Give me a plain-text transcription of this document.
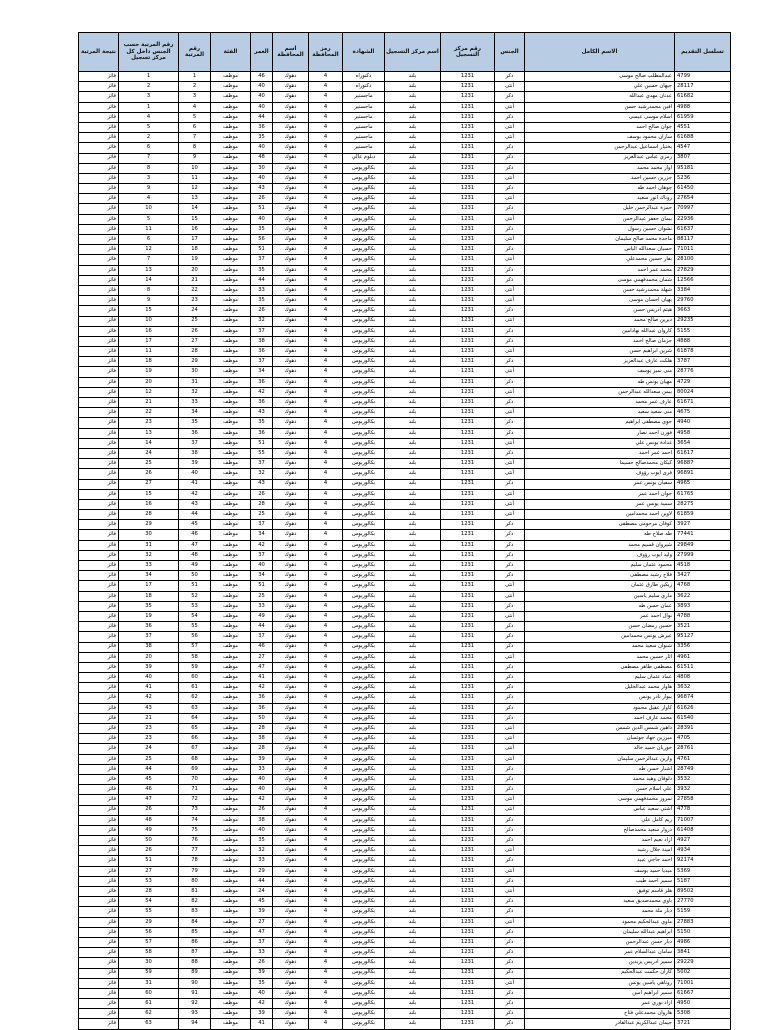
تسلسل التقديم	الاسم الكامل	الجنس	رقم مركز التسجيل	اسم مركز التسجيل	الشهادة	رمز المحافظة	اسم المحافظة	العمر	الفئة	رقم المرتبة	رقم المرتبة حسب الجنس داخل كل مركز تسجيل	نتيجة المرتبة
4799	عبدالمطلب صالح موسى	ذكر	1231	بلند	دكتوراه	4	دهوك	46	موظف	1	1	فائز
28117	جيهان حسين علي	أنثى	1231	بلند	دكتوراه	4	دهوك	40	موظف	2	2	فائز
61682	عدنان مهدي عبدالله	ذكر	1231	بلند	ماجستير	4	دهوك	40	موظف	3	3	فائز
4988	افين محمدرشيد حسن	أنثى	1231	بلند	ماجستير	4	دهوك	40	موظف	4	1	فائز
61959	اسلام موسى عيسى	ذكر	1231	بلند	ماجستير	4	دهوك	44	موظف	5	4	فائز
4551	جوان صالح احمد	أنثى	1231	بلند	ماجستير	4	دهوك	36	موظف	6	5	فائز
61688	سازان محمود يوسف	أنثى	1231	بلند	ماجستير	4	دهوك	35	موظف	7	2	فائز
4547	بختيار اسماعيل عبدالرحمن	ذكر	1231	بلند	ماجستير	4	دهوك	40	موظف	8	6	فائز
3807	رمزي عباس عبدالعزيز	ذكر	1231	بلند	دبلوم عالي	4	دهوك	48	موظف	9	7	فائز
95181	اواز محمد محمد	ذكر	1231	بلند	بكالوريوس	4	دهوك	30	موظف	10	8	فائز
5236	جزرين حسين احمد	أنثى	1231	بلند	بكالوريوس	4	دهوك	40	موظف	11	3	فائز
61450	جوهان احمد طه	ذكر	1231	بلند	بكالوريوس	4	دهوك	43	موظف	12	9	فائز
27654	روناك انور سعيد	أنثى	1231	بلند	بكالوريوس	4	دهوك	26	موظف	13	4	فائز
70997	حمزة عبدالرحمن خليل	ذكر	1231	بلند	بكالوريوس	4	دهوك	51	موظف	14	10	فائز
22936	بيمان جعفر عبدالرحمن	أنثى	1231	بلند	بكالوريوس	4	دهوك	40	موظف	15	5	فائز
61637	نشوان حسين رسول	ذكر	1231	بلند	بكالوريوس	4	دهوك	35	موظف	16	11	فائز
88117	ماجدة محمد صالح سليمان	أنثى	1231	بلند	بكالوريوس	4	دهوك	56	موظف	17	6	فائز
71011	حسيان سعدالله الياس	ذكر	1231	بلند	بكالوريوس	4	دهوك	51	موظف	18	12	فائز
28100	بفار حسين محمدعلي	أنثى	1231	بلند	بكالوريوس	4	دهوك	37	موظف	19	7	فائز
27829	محمد عمر احمد	ذكر	1231	بلند	بكالوريوس	4	دهوك	35	موظف	20	13	فائز
12566	شمان محمدفهمي موسى	ذكر	1231	بلند	بكالوريوس	4	دهوك	44	موظف	21	14	فائز
3384	شهلة محمدرشيد حسن	أنثى	1231	بلند	بكالوريوس	4	دهوك	33	موظف	22	8	فائز
29760	بهيان احسان موسى	أنثى	1231	بلند	بكالوريوس	4	دهوك	35	موظف	23	9	فائز
3663	هيثم ادريس حسن	ذكر	1231	بلند	بكالوريوس	4	دهوك	26	موظف	24	15	فائز
29235	ديرين صالح محمد	أنثى	1231	بلند	بكالوريوس	4	دهوك	32	موظف	25	10	فائز
5155	كاروان عبدالله نهادامين	ذكر	1231	بلند	بكالوريوس	4	دهوك	37	موظف	26	16	فائز
4888	جزمان صالح احمد	ذكر	1231	بلند	بكالوريوس	4	دهوك	38	موظف	27	17	فائز
61878	شرين ابراهيم حسن	أنثى	1231	بلند	بكالوريوس	4	دهوك	36	موظف	28	11	فائز
3787	هلكت عارف عبدالعزيز	ذكر	1231	بلند	بكالوريوس	4	دهوك	37	موظف	29	18	فائز
28776	منى نمير يوسف	أنثى	1231	بلند	بكالوريوس	4	دهوك	34	موظف	30	19	فائز
4729	مهيان يونس طه	ذكر	1231	بلند	بكالوريوس	4	دهوك	36	موظف	31	20	فائز
80024	بيمن سعدالله عبدالرحمن	أنثى	1231	بلند	بكالوريوس	4	دهوك	42	موظف	32	12	فائز
61671	عارف عمر محمد	ذكر	1231	بلند	بكالوريوس	4	دهوك	36	موظف	33	21	فائز
4675	منى سعيد سعيد	أنثى	1231	بلند	بكالوريوس	4	دهوك	43	موظف	34	22	فائز
4940	جوي مصطفى ابراهيم	ذكر	1231	بلند	بكالوريوس	4	دهوك	35	موظف	35	23	فائز
4958	فورن احمد نصار	ذكر	1231	بلند	بكالوريوس	4	دهوك	36	موظف	36	13	فائز
3654	غدادة يونس علي	أنثى	1231	بلند	بكالوريوس	4	دهوك	51	موظف	37	14	فائز
61617	احمد عمر احمد	ذكر	1231	بلند	بكالوريوس	4	دهوك	55	موظف	38	24	فائز
96887	كيكان محمدصالح حسيما	أنثى	1231	بلند	بكالوريوس	4	دهوك	37	موظف	39	25	فائز
96891	فرى ايوب رؤوف	أنثى	1231	بلند	بكالوريوس	4	دهوك	32	موظف	40	26	فائز
4965	سفيان يونس عمر	ذكر	1231	بلند	بكالوريوس	4	دهوك	43	موظف	41	27	فائز
61765	جوان احمد عمر	أنثى	1231	بلند	بكالوريوس	4	دهوك	26	موظف	42	15	فائز
28275	سمية يونس عمر	أنثى	1231	بلند	بكالوريوس	4	دهوك	28	موظف	43	16	فائز
61859	لاوين احمد محمدامين	أنثى	1231	بلند	بكالوريوس	4	دهوك	25	موظف	44	28	فائز
3927	كوفان مرحومى مصطفى	ذكر	1231	بلند	بكالوريوس	4	دهوك	37	موظف	45	29	فائز
77441	طه صلاح طه	ذكر	1231	بلند	بكالوريوس	4	دهوك	34	موظف	46	30	فائز
29849	شيروان قسيم محمد	ذكر	1231	بلند	بكالوريوس	4	دهوك	42	موظف	47	31	فائز
27999	وليد ايوب رؤوف	ذكر	1231	بلند	بكالوريوس	4	دهوك	37	موظف	48	32	فائز
4518	محمود عثمان سليم	ذكر	1231	بلند	بكالوريوس	4	دهوك	40	موظف	49	33	فائز
3427	فلاح رشيد مصطفى	ذكر	1231	بلند	بكالوريوس	4	دهوك	34	موظف	50	34	فائز
4768	زيكين طارق عثمان	أنثى	1231	بلند	بكالوريوس	4	دهوك	51	موظف	51	17	فائز
3622	ماري سليم ياسين	أنثى	1231	بلند	بكالوريوس	4	دهوك	25	موظف	52	18	فائز
3893	عمان حسن طه	ذكر	1231	بلند	بكالوريوس	4	دهوك	33	موظف	53	35	فائز
4788	نوال احمد عمر	أنثى	1231	بلند	بكالوريوس	4	دهوك	49	موظف	54	19	فائز
3521	حسين رمضان حسن	ذكر	1231	بلند	بكالوريوس	4	دهوك	44	موظف	55	36	فائز
95127	عيرش يونس محمدامين	ذكر	1231	بلند	بكالوريوس	4	دهوك	37	موظف	56	37	فائز
3356	شنوان سعيد محمد	ذكر	1231	بلند	بكالوريوس	4	دهوك	46	موظف	57	38	فائز
4961	اثار حسين محمد	أنثى	1231	بلند	بكالوريوس	4	دهوك	27	موظف	58	20	فائز
61511	مصطفى طاهر مصطفى	ذكر	1231	بلند	بكالوريوس	4	دهوك	47	موظف	59	39	فائز
4808	عماد عثمان سليم	ذكر	1231	بلند	بكالوريوس	4	دهوك	41	موظف	60	40	فائز
3632	هاوار محمد عبدالجليل	ذكر	1231	بلند	بكالوريوس	4	دهوك	42	موظف	61	41	فائز
96874	بيوار نادر يونس	ذكر	1231	بلند	بكالوريوس	4	دهوك	36	موظف	62	42	فائز
61626	كاوار عقيل محمود	ذكر	1231	بلند	بكالوريوس	4	دهوك	36	موظف	63	43	فائز
61540	محمد عارف احمد	ذكر	1231	بلند	بكالوريوس	4	دهوك	50	موظف	64	21	فائز
28391	داهين شمس الدين شمس	أنثى	1231	بلند	بكالوريوس	4	دهوك	28	موظف	65	23	فائز
4705	ميرزين جهاد جوتسان	أنثى	1231	بلند	بكالوريوس	4	دهوك	38	موظف	66	23	فائز
28761	خوريان حميد خالد	أنثى	1231	بلند	بكالوريوس	4	دهوك	28	موظف	67	24	فائز
4761	وازين عبدالرحمن سليمان	أنثى	1231	بلند	بكالوريوس	4	دهوك	39	موظف	68	25	فائز
28749	اشنار حسن طه	ذكر	1231	بلند	بكالوريوس	4	دهوك	33	موظف	69	44	فائز
3532	دلوفان وهيد محمد	ذكر	1231	بلند	بكالوريوس	4	دهوك	40	موظف	70	45	فائز
3932	علي اسلام حسن	ذكر	1231	بلند	بكالوريوس	4	دهوك	40	موظف	71	46	فائز
27858	نمروز محمدفهمي موسى	أنثى	1231	بلند	بكالوريوس	4	دهوك	42	موظف	72	47	فائز
4778	اشتي سعيد عباس	أنثى	1231	بلند	بكالوريوس	4	دهوك	26	موظف	73	26	فائز
71007	ريم كامل علي	ذكر	1231	بلند	بكالوريوس	4	دهوك	38	موظف	74	48	فائز
61408	دزوار سعيد محمدصالح	ذكر	1231	بلند	بكالوريوس	4	دهوك	40	موظف	75	49	فائز
4927	ازاد نعيم احمد	ذكر	1231	بلند	بكالوريوس	4	دهوك	35	موظف	76	50	فائز
4934	امينة جلال رشيد	أنثى	1231	بلند	بكالوريوس	4	دهوك	32	موظف	77	26	فائز
92174	احمد جاجي عبيد	ذكر	1231	بلند	بكالوريوس	4	دهوك	33	موظف	78	51	فائز
5369	ميديا حميد يوسف	أنثى	1231	بلند	بكالوريوس	4	دهوك	29	موظف	79	27	فائز
5187	سمير احمد طيب	ذكر	1231	بلند	بكالوريوس	4	دهوك	44	موظف	80	53	فائز
89502	هلز قاسم توفيق	أنثى	1231	بلند	بكالوريوس	4	دهوك	24	موظف	81	28	فائز
27770	باوي محمدصديق سعيد	ذكر	1231	بلند	بكالوريوس	4	دهوك	45	موظف	82	54	فائز
5159	ديار ملة محمد	ذكر	1231	بلند	بكالوريوس	4	دهوك	39	موظف	83	55	فائز
27883	ماوي عبدالحكيم محمود	أنثى	1231	بلند	بكالوريوس	4	دهوك	27	موظف	84	29	فائز
5150	ابراهيم عبدالله سليمان	ذكر	1231	بلند	بكالوريوس	4	دهوك	47	موظف	85	56	فائز
4986	ديار حسن عبدالرحمن	ذكر	1231	بلند	بكالوريوس	4	دهوك	37	موظف	86	57	فائز
3841	سامان عبدالسلام عمر	ذكر	1231	بلند	بكالوريوس	4	دهوك	33	موظف	87	58	فائز
29229	سمير ادريس يزيدين	ذكر	1231	بلند	بكالوريوس	4	دهوك	26	موظف	88	30	فائز
5002	كاران حكمت عبدالحكيم	ذكر	1231	بلند	بكالوريوس	4	دهوك	39	موظف	89	59	فائز
71001	روناهي ياسين يونس	أنثى	1231	بلند	بكالوريوس	4	دهوك	35	موظف	90	31	فائز
61667	سمير ابراهيم امين	ذكر	1231	بلند	بكالوريوس	4	دهوك	40	موظف	91	60	فائز
4950	ازاد نوري عمر	ذكر	1231	بلند	بكالوريوس	4	دهوك	42	موظف	92	61	فائز
5308	هاروان محمدعلي فتاح	ذكر	1231	بلند	بكالوريوس	4	دهوك	39	موظف	93	62	فائز
3721	جيمان عبدالكريم عبدالقادر	ذكر	1231	بلند	بكالوريوس	4	دهوك	41	موظف	94	63	فائز
